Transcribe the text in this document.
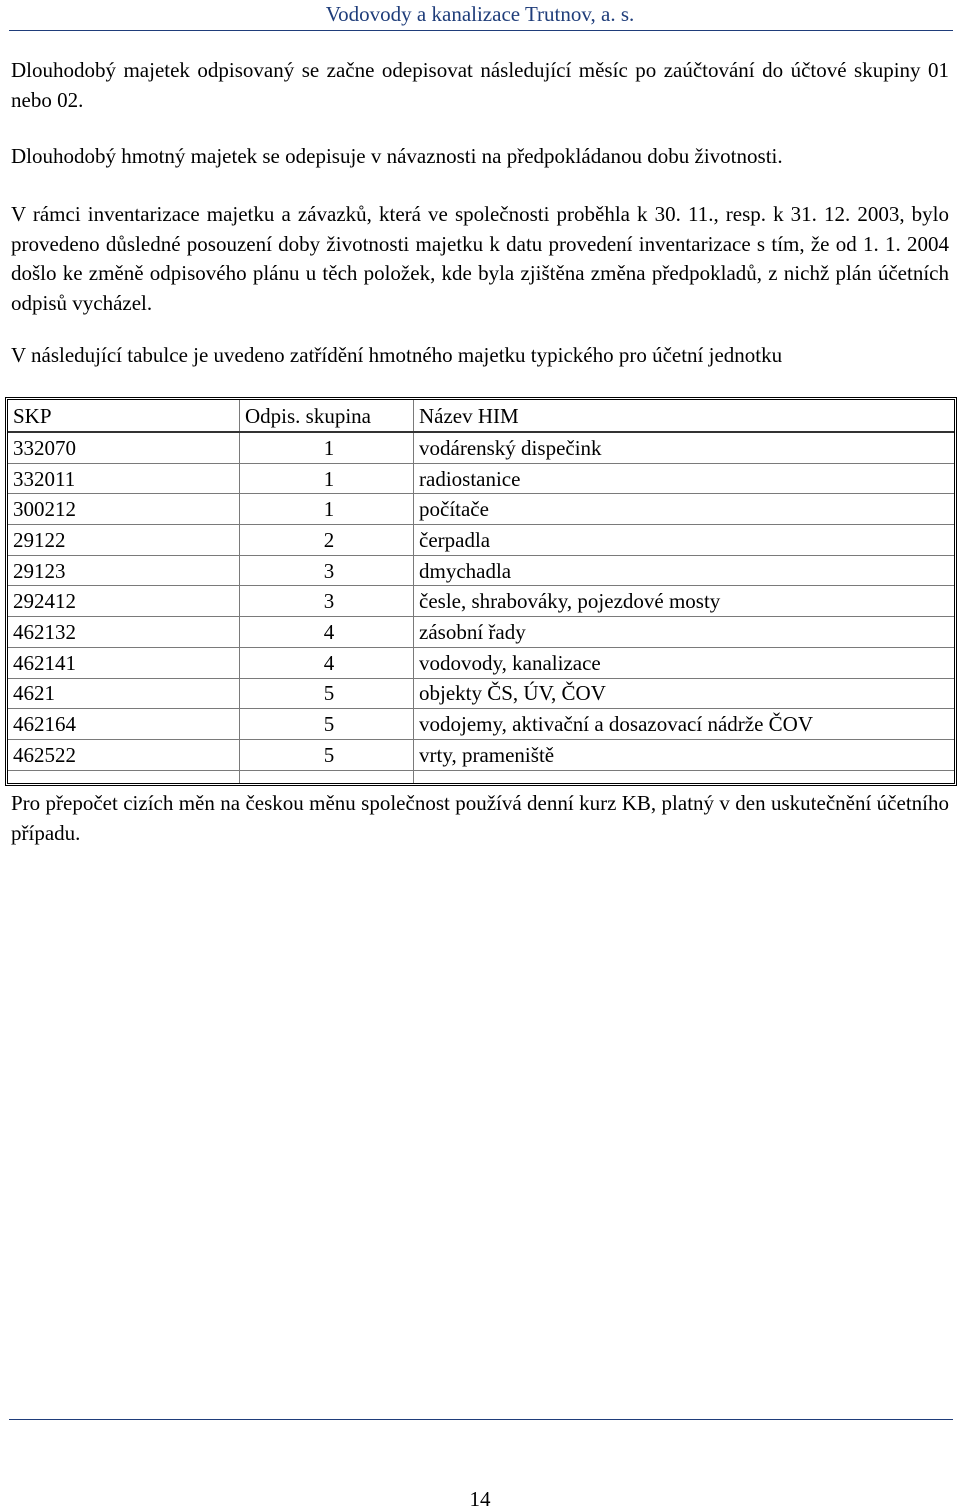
Vodovody a kanalizace Trutnov, a. s.

Dlouhodobý majetek odpisovaný se začne odepisovat následující měsíc po zaúčtování do účtové skupiny 01 nebo 02.

Dlouhodobý hmotný majetek se odepisuje v návaznosti na předpokládanou dobu životnosti.

V rámci inventarizace majetku a závazků, která ve společnosti proběhla k 30. 11., resp. k 31. 12. 2003, bylo provedeno důsledné posouzení doby životnosti majetku k datu provedení inventarizace s tím, že od 1. 1. 2004 došlo ke změně odpisového plánu u těch položek, kde byla zjištěna změna předpokladů, z nichž plán účetních odpisů vycházel.

V následující tabulce je uvedeno zatřídění hmotného majetku typického pro účetní jednotku

SKP	Odpis. skupina	Název HIM
332070	1	vodárenský dispečink
332011	1	radiostanice
300212	1	počítače
29122	2	čerpadla
29123	3	dmychadla
292412	3	česle, shrabováky, pojezdové mosty
462132	4	zásobní řady
462141	4	vodovody, kanalizace
4621	5	objekty ČS, ÚV, ČOV
462164	5	vodojemy, aktivační a dosazovací nádrže ČOV
462522	5	vrty, prameniště

Pro přepočet cizích měn na českou měnu společnost používá denní kurz KB, platný v den uskutečnění účetního případu.

14
